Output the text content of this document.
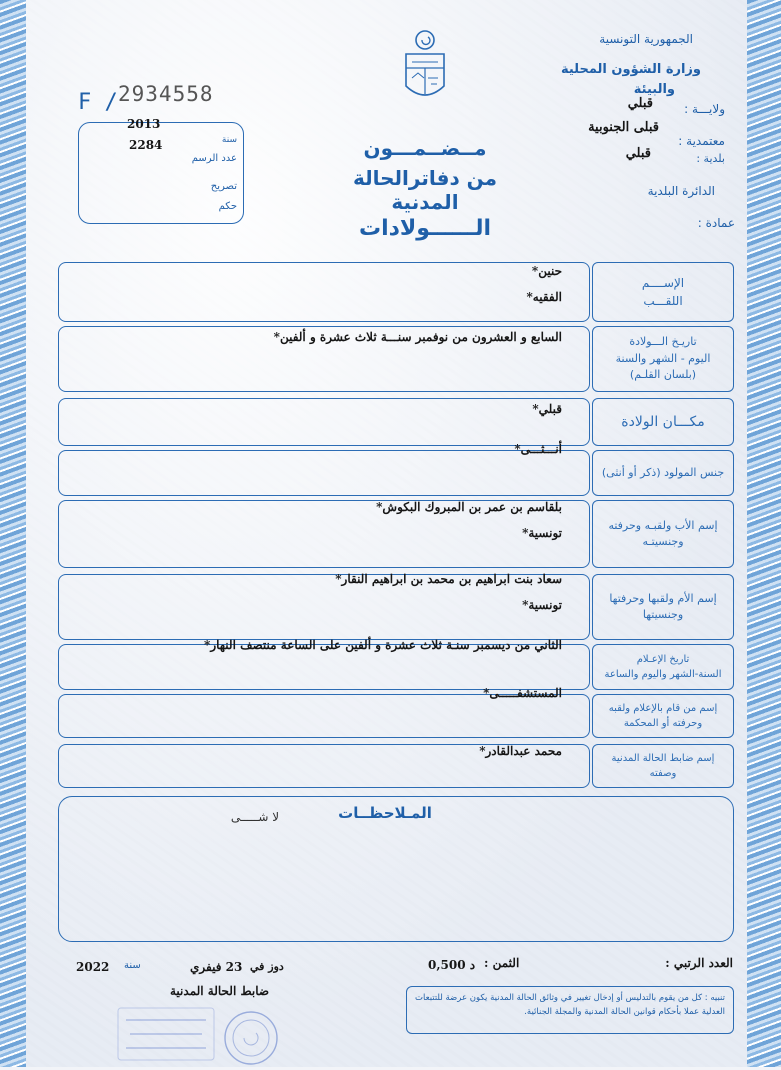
الجمهورية التونسية
وزارة الشؤون المحلية
والبيئة
ولايـــة :
قبلي
معتمدية :
قبلى الجنوبية
بلدية :
قبلي
الدائرة البلدية
عمادة :
F / 2934558
2013
2284	سنة
عدد الرسم
تصريح
حكم
مــضــمـــون
من دفاترالحالة المدنية
الــــــولادات
الإســــم
اللقـــب
حنين*
الفقيه*
تاريـخ الـــولادة
اليوم - الشهر والسنة
(بلسان القلـم)
السابع و العشرون من نوفمبر سنـــة ثلاث عشرة و ألفين*
مكـــان الولادة
قبلي*
جنس المولود (ذكر أو أنثى)
أنـــثـــى*
إسم الأب ولقبـه وحرفته
وجنسيتـه
بلقاسم بن عمر بن المبروك البكوش*
تونسية*
إسم الأم ولقبها وحرفتها
وجنسيتها
سعاد بنت ابراهيم بن محمد بن ابراهيم النقار*
تونسية*
تاريخ الإعـلام
السنة-الشهر واليوم والساعة
الثاني من ديسمبر سنـة ثلاث عشرة و ألفين على الساعة منتصف النهار*
إسم من قام بالإعلام ولقبه
وحرفته أو المحكمة
المستشفـــــى*
إسم ضابط الحالة المدنية
وصفته
محمد عبدالقادر*
المـلاحظــات
لا شـــــى
العدد الرتبي :
الثمن :
0,500 د
دوز في
23 فيفري
سنة
2022
ضابط الحالة المدنية	تنبيه : كل من يقوم بالتدليس أو إدخال تغيير في وثائق الحالة المدنية يكون عرضة للتتبعات العدلية عملا بأحكام قوانين الحالة المدنية والمجلة الجنائية.
